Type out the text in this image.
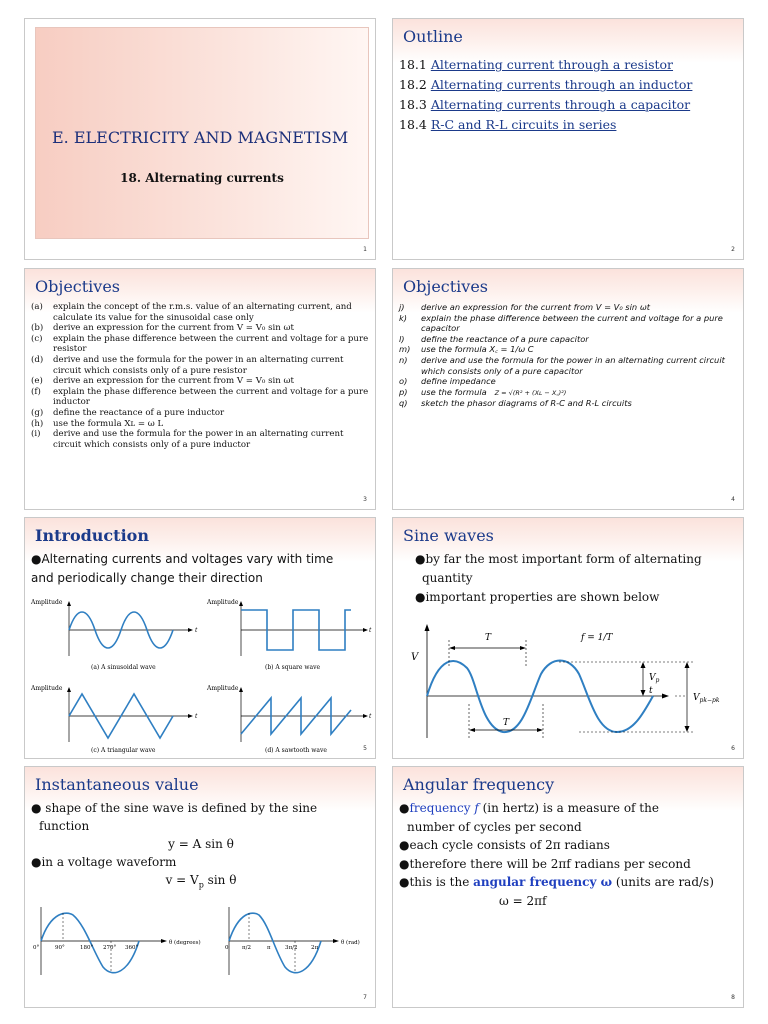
E. ELECTRICITY AND MAGNETISM
18. Alternating currents
1
Outline
18.1 Alternating current through a resistor
18.2 Alternating currents through an inductor
18.3 Alternating currents through a capacitor
18.4 R-C and R-L circuits in series
2
Objectives
(a)	explain the concept of the r.m.s. value of an alternating current, and calculate its value for the sinusoidal case only
(b)	derive an expression for the current from V = V₀ sin ωt
(c)	explain the phase difference between the current and voltage for a pure resistor
(d)	derive and use the formula for the power in an alternating current circuit which consists only of a pure resistor
(e)	derive an expression for the current from V = V₀ sin ωt
(f)	explain the phase difference between the current and voltage for a pure inductor
(g)	define the reactance of a pure inductor
(h)	use the formula Xʟ = ω L
(i)	derive and use the formula for the power in an alternating current circuit which consists only of a pure inductor
3
Objectives
j)	derive an expression for the current from V = V₀ sin ωt
k)	explain the phase difference between the current and voltage for a pure capacitor
l)	define the reactance of a pure capacitor
m)	use the formula X꜀ = 1/ω C
n)	derive and use the formula for the power in an alternating current circuit which consists only of a pure capacitor
o)	define impedance
p)	use the formula Z = √(R² + (Xʟ − X꜀)²)
q)	sketch the phasor diagrams of R-C and R-L circuits
4
Introduction
●Alternating currents and voltages vary with time
and periodically change their direction
Amplitude
t
(a) A sinusoidal wave
Amplitude
t
(b) A square wave
Amplitude
t
(c) A triangular wave
Amplitude
t
(d) A sawtooth wave	5
Sine waves
●by far the most important form of alternating
quantity
●important properties are shown below
V
t
T
T
f = 1/T
$V_p$
$V_{pk-pk}$
6
Instantaneous value
● shape of the sine wave is defined by the sine
function
y = A sin θ
●in a voltage waveform
$v = V_p$ sin θ
0°	90°	180° 270° 360°
θ (degrees)
0 π/2	π	3π/2 2π
θ (rad)
7
Angular frequency
●frequency f (in hertz) is a measure of the
number of cycles per second
●each cycle consists of 2π radians
●therefore there will be 2πf radians per second
●this is the angular frequency ω (units are rad/s)
ω = 2πf
8
